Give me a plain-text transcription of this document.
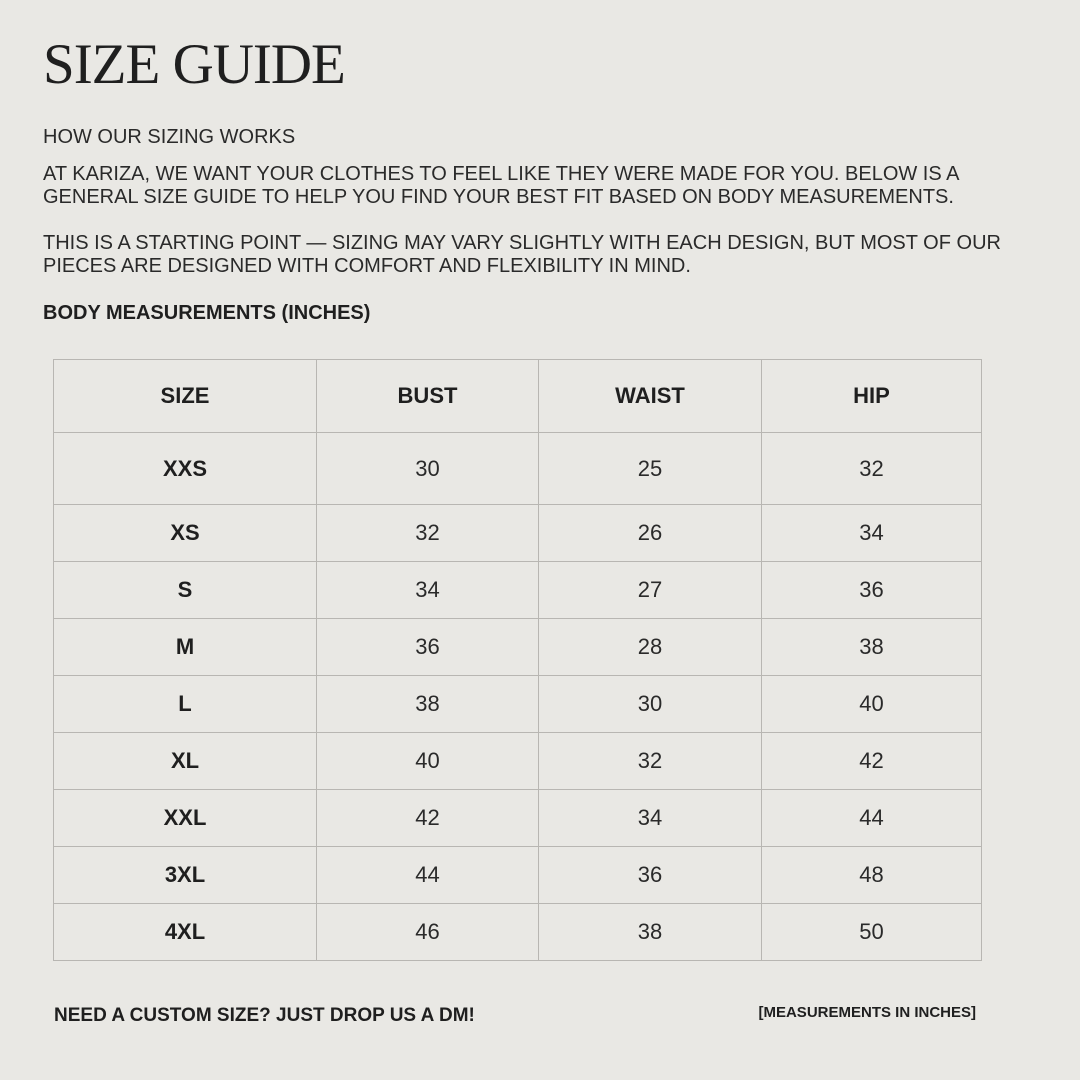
SIZE GUIDE
HOW OUR SIZING WORKS

AT KARIZA, WE WANT YOUR CLOTHES TO FEEL LIKE THEY WERE MADE FOR YOU. BELOW IS A GENERAL SIZE GUIDE TO HELP YOU FIND YOUR BEST FIT BASED ON BODY MEASUREMENTS.

THIS IS A STARTING POINT — SIZING MAY VARY SLIGHTLY WITH EACH DESIGN, BUT MOST OF OUR PIECES ARE DESIGNED WITH COMFORT AND FLEXIBILITY IN MIND.

BODY MEASUREMENTS (INCHES)
SIZE	BUST	WAIST	HIP
XXS	30	25	32
XS	32	26	34
S	34	27	36
M	36	28	38
L	38	30	40
XL	40	32	42
XXL	42	34	44
3XL	44	36	48
4XL	46	38	50
NEED A CUSTOM SIZE? JUST DROP US A DM!	[MEASUREMENTS IN INCHES]
